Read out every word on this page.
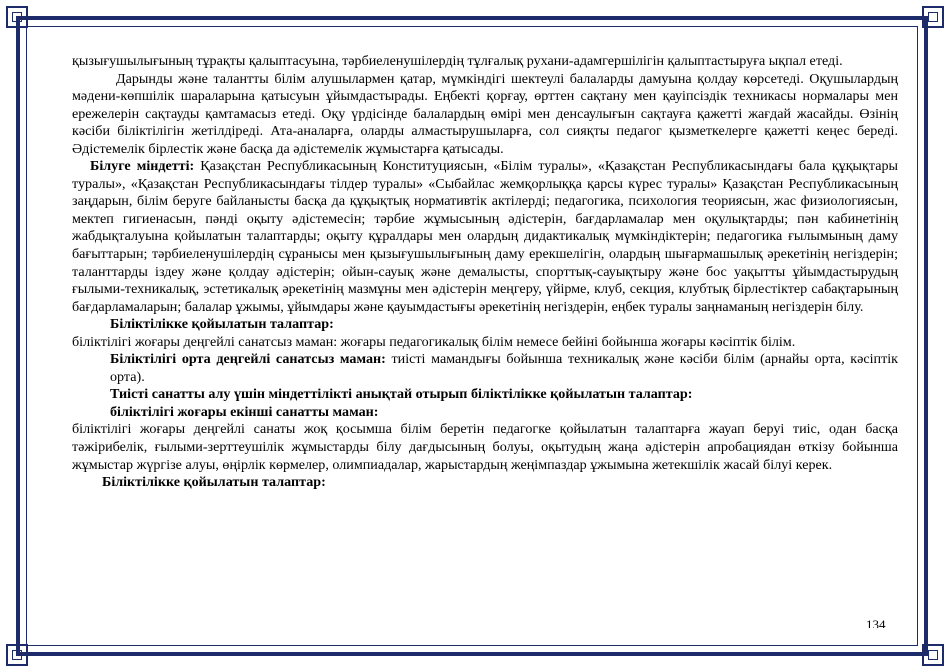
қызығушылығының тұрақты қалыптасуына, тәрбиеленушілердің тұлғалық рухани-адамгершілігін қалыптастыруға ықпал етеді.

Дарынды және талантты білім алушылармен қатар, мүмкіндігі шектеулі балаларды дамуына қолдау көрсетеді. Оқушылардың мәдени-көпшілік шараларына қатысуын ұйымдастырады. Еңбекті қорғау, өрттен сақтану мен қауіпсіздік техникасы нормалары мен ережелерін сақтауды қамтамасыз етеді. Оқу үрдісінде балалардың өмірі мен денсаулығын сақтауға қажетті жағдай жасайды. Өзінің кәсіби біліктілігін жетілдіреді. Ата-аналарға, оларды алмастырушыларға, сол сияқты педагог қызметкелерге қажетті кеңес береді. Әдістемелік бірлестік және басқа да әдістемелік жұмыстарға қатысады.

Білуге міндетті: Қазақстан Республикасының Конституциясын, «Білім туралы», «Қазақстан Республикасындағы бала құқықтары туралы», «Қазақстан Республикасындағы тілдер туралы» «Сыбайлас жемқорлыққа қарсы күрес туралы» Қазақстан Республикасының заңдарын, білім беруге байланысты басқа да құқықтық нормативтік актілерді; педагогика, психология теориясын, жас физиологиясын, мектеп гигиенасын, пәнді оқыту әдістемесін; тәрбие жұмысының әдістерін, бағдарламалар мен оқулықтарды; пән кабинетінің жабдықталуына қойылатын талаптарды; оқыту құралдары мен олардың дидактикалық мүмкіндіктерін; педагогика ғылымының даму бағыттарын; тәрбиеленушілердің сұранысы мен қызығушылығының даму ерекшелігін, олардың шығармашылық әрекетінің негіздерін; таланттарды іздеу және қолдау әдістерін; ойын-сауық және демалысты, спорттық-сауықтыру және бос уақытты ұйымдастырудың ғылыми-техникалық, эстетикалық әрекетінің мазмұны мен әдістерін меңгеру, үйірме, клуб, секция, клубтық бірлестіктер сабақтарының бағдарламаларын; балалар ұжымы, ұйымдары және қауымдастығы әрекетінің негіздерін, еңбек туралы заңнаманың негіздерін білу.

Біліктілікке қойылатын талаптар:

біліктілігі жоғары деңгейлі санатсыз маман: жоғары педагогикалық білім немесе бейіні бойынша жоғары кәсіптік білім.

Біліктілігі орта деңгейлі санатсыз маман: тиісті мамандығы бойынша техникалық және кәсіби білім (арнайы орта, кәсіптік орта).

Тиісті санатты алу үшін міндеттілікті анықтай отырып біліктілікке қойылатын талаптар:

біліктілігі жоғары екінші санатты маман:

біліктілігі жоғары деңгейлі санаты жоқ қосымша білім беретін педагогке қойылатын талаптарға жауап беруі тиіс, одан басқа тәжірибелік, ғылыми-зерттеушілік жұмыстарды білу дағдысының болуы, оқытудың жаңа әдістерін апробациядан өткізу бойынша жұмыстар жүргізе алуы, өңірлік көрмелер, олимпиадалар, жарыстардың жеңімпаздар ұжымына жетекшілік жасай білуі керек.

Біліктілікке қойылатын талаптар:

134
